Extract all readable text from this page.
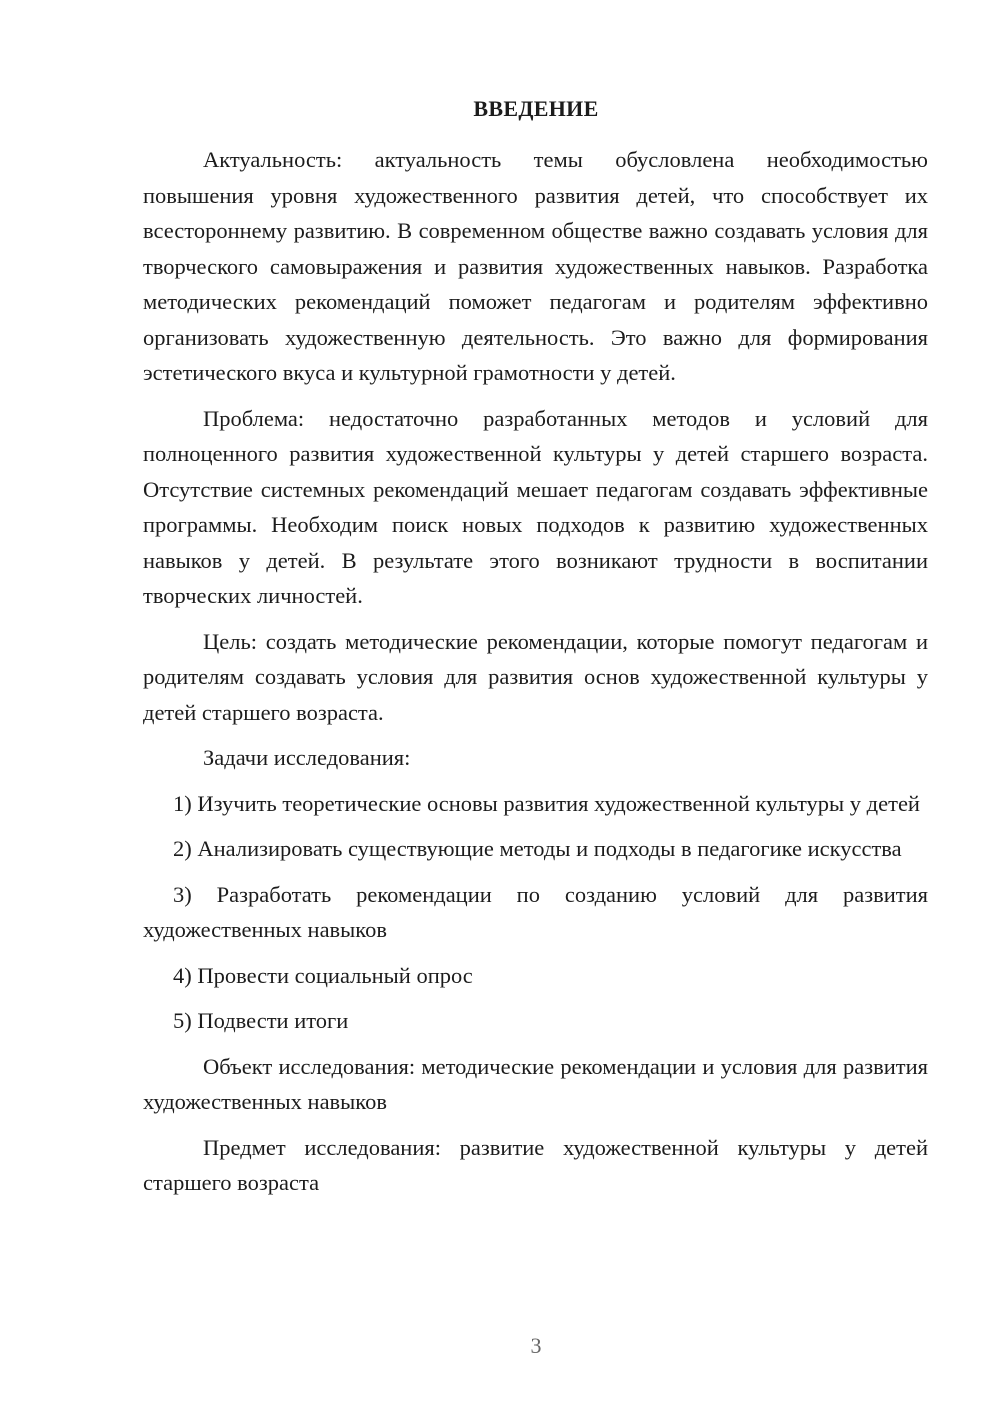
ВВЕДЕНИЕ

Актуальность: актуальность темы обусловлена необходимостью повышения уровня художественного развития детей, что способствует их всестороннему развитию. В современном обществе важно создавать условия для творческого самовыражения и развития художественных навыков. Разработка методических рекомендаций поможет педагогам и родителям эффективно организовать художественную деятельность. Это важно для формирования эстетического вкуса и культурной грамотности у детей.

Проблема: недостаточно разработанных методов и условий для полноценного развития художественной культуры у детей старшего возраста. Отсутствие системных рекомендаций мешает педагогам создавать эффективные программы. Необходим поиск новых подходов к развитию художественных навыков у детей. В результате этого возникают трудности в воспитании творческих личностей.

Цель: создать методические рекомендации, которые помогут педагогам и родителям создавать условия для развития основ художественной культуры у детей старшего возраста.

Задачи исследования:

1) Изучить теоретические основы развития художественной культуры у детей

2) Анализировать существующие методы и подходы в педагогике искусства

3) Разработать рекомендации по созданию условий для развития художественных навыков

4) Провести социальный опрос

5) Подвести итоги

Объект исследования: методические рекомендации и условия для развития художественных навыков

Предмет исследования: развитие художественной культуры у детей старшего возраста

3
